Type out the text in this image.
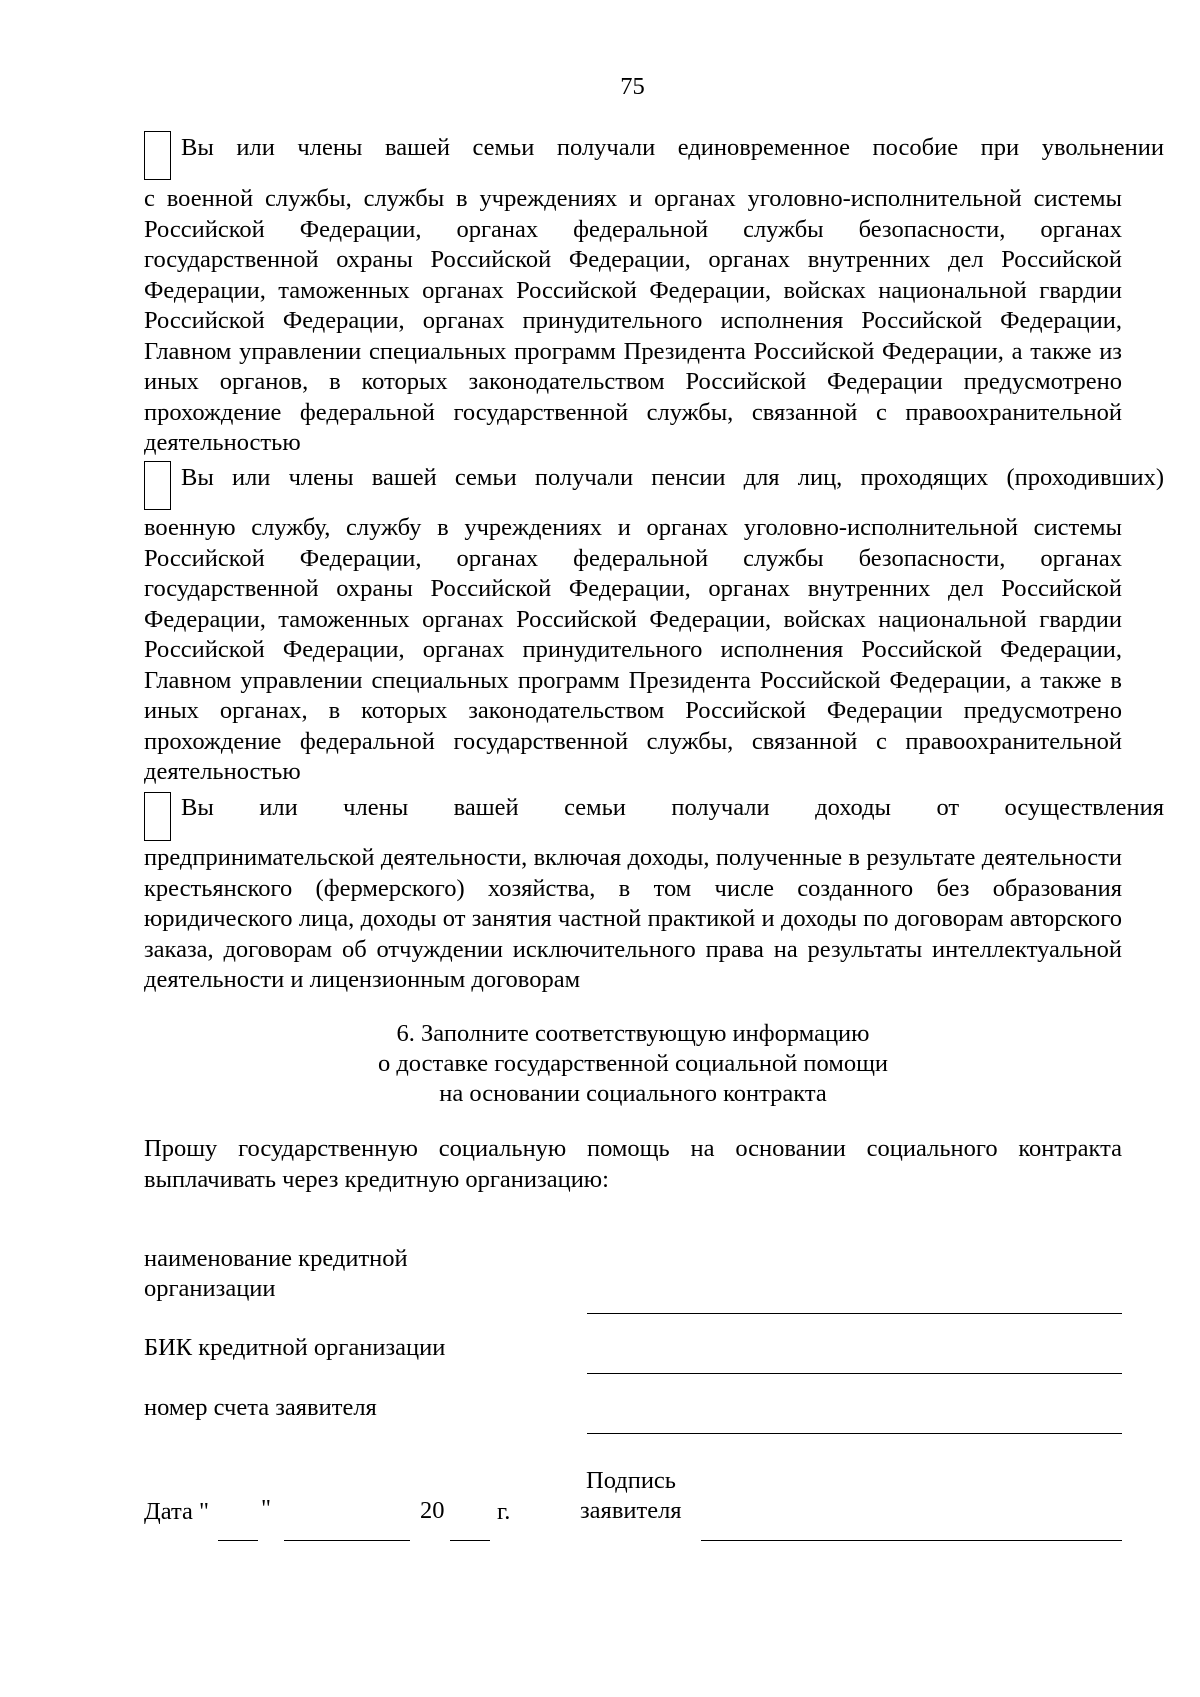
75
Вы или члены вашей семьи получали единовременное пособие при увольнении
с военной службы, службы в учреждениях и органах уголовно-исполнительной системы Российской Федерации, органах федеральной службы безопасности, органах государственной охраны Российской Федерации, органах внутренних дел Российской Федерации, таможенных органах Российской Федерации, войсках национальной гвардии Российской Федерации, органах принудительного исполнения Российской Федерации, Главном управлении специальных программ Президента Российской Федерации, а также из иных органов, в которых законодательством Российской Федерации предусмотрено прохождение федеральной государственной службы, связанной с правоохранительной деятельностью
Вы или члены вашей семьи получали пенсии для лиц, проходящих (проходивших)
военную службу, службу в учреждениях и органах уголовно-исполнительной системы Российской Федерации, органах федеральной службы безопасности, органах государственной охраны Российской Федерации, органах внутренних дел Российской Федерации, таможенных органах Российской Федерации, войсках национальной гвардии Российской Федерации, органах принудительного исполнения Российской Федерации, Главном управлении специальных программ Президента Российской Федерации, а также в иных органах, в которых законодательством Российской Федерации предусмотрено прохождение федеральной государственной службы, связанной с правоохранительной деятельностью
Вы или члены вашей семьи получали доходы от осуществления
предпринимательской деятельности, включая доходы, полученные в результате деятельности крестьянского (фермерского) хозяйства, в том числе созданного без образования юридического лица, доходы от занятия частной практикой и доходы по договорам авторского заказа, договорам об отчуждении исключительного права на результаты интеллектуальной деятельности и лицензионным договорам
6. Заполните соответствующую информацию
о доставке государственной социальной помощи
на основании социального контракта
Прошу государственную социальную помощь на основании социального контракта выплачивать через кредитную организацию:
наименование кредитной
организации
БИК кредитной организации
номер счета заявителя
Дата " "	20 г.
Подпись
заявителя
